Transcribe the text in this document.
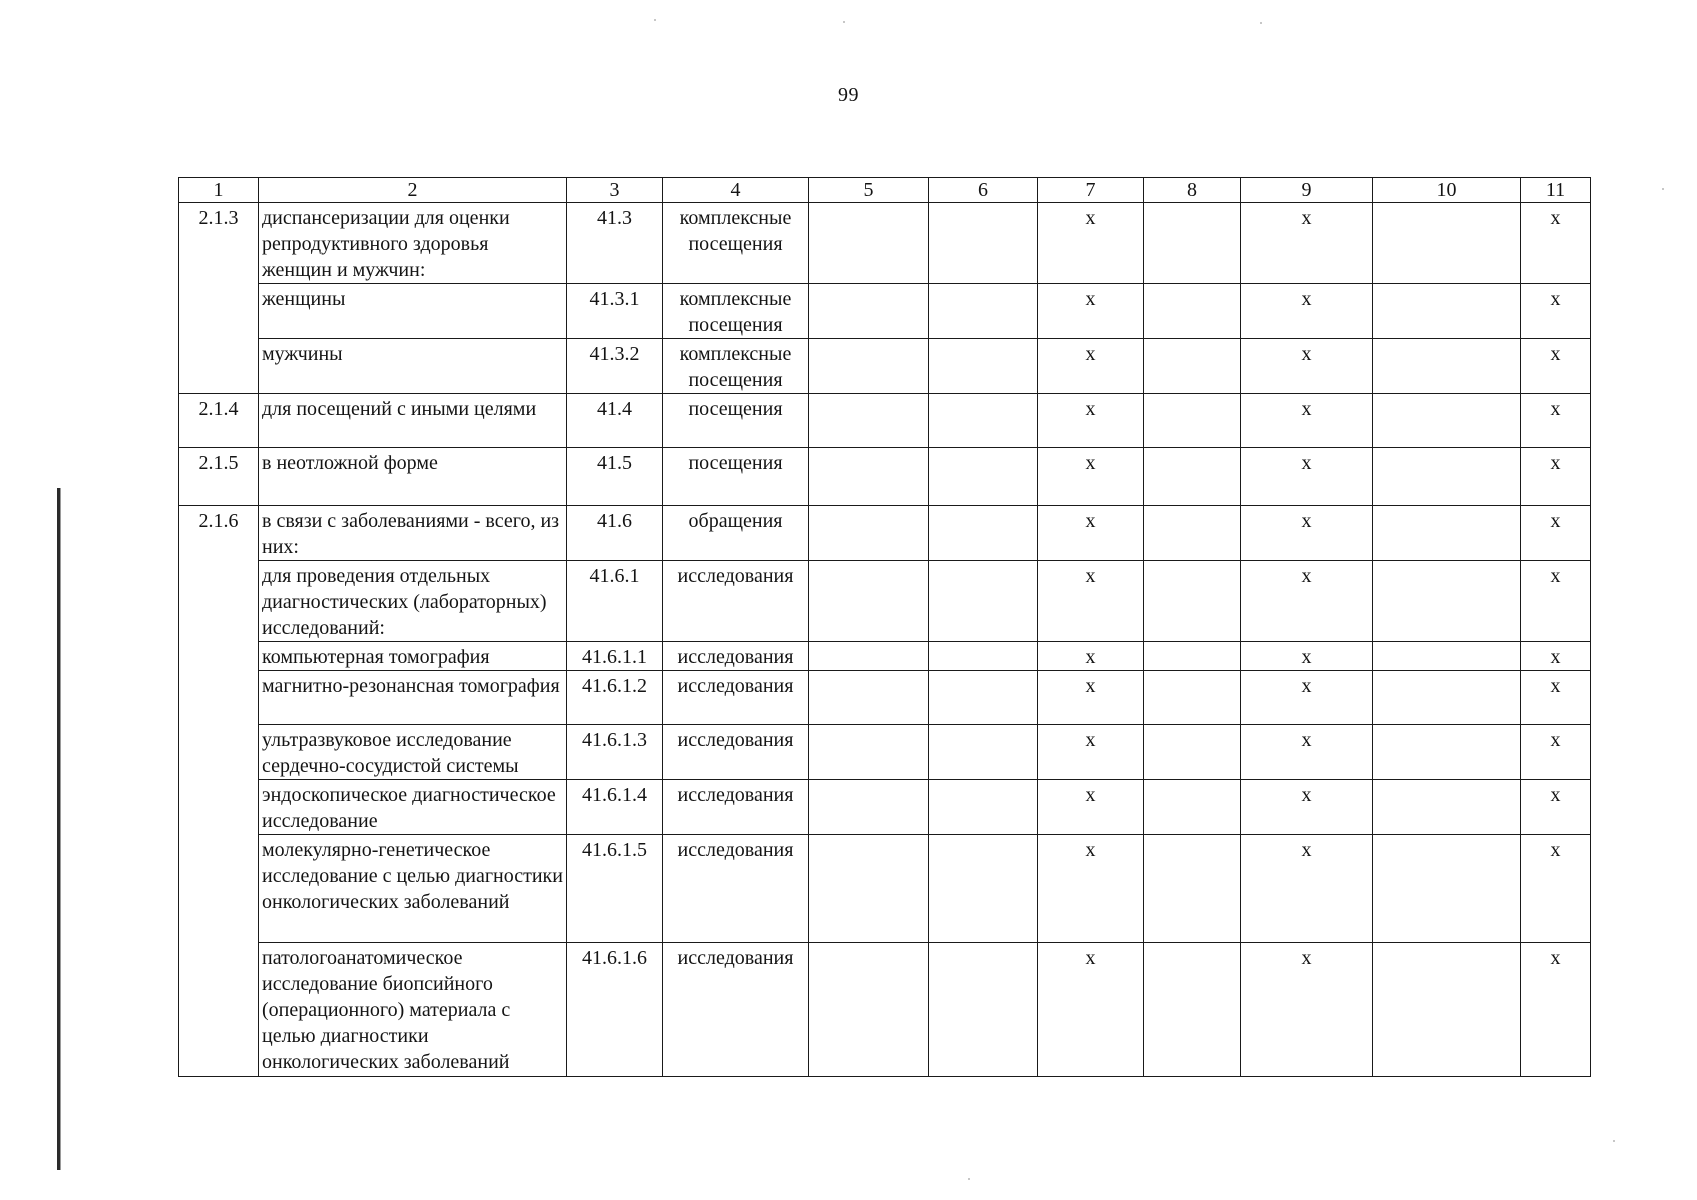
99
1	2	3	4	5	6	7	8	9	10	11
2.1.3	диспансеризации для оценки репродуктивного здоровья женщин и мужчин:	41.3	комплексные посещения			х		х		х
	женщины	41.3.1	комплексные посещения			х		х		х
	мужчины	41.3.2	комплексные посещения			х		х		х
2.1.4	для посещений с иными целями	41.4	посещения			х		х		х
2.1.5	в неотложной форме	41.5	посещения			х		х		х
2.1.6	в связи с заболеваниями - всего, из них:	41.6	обращения			х		х		х
	для проведения отдельных диагностических (лабораторных) исследований:	41.6.1	исследования			х		х		х
	компьютерная томография	41.6.1.1	исследования			х		х		х
	магнитно-резонансная томография	41.6.1.2	исследования			х		х		х
	ультразвуковое исследование сердечно-сосудистой системы	41.6.1.3	исследования			х		х		х
	эндоскопическое диагностическое исследование	41.6.1.4	исследования			х		х		х
	молекулярно-генетическое исследование с целью диагностики онкологических заболеваний	41.6.1.5	исследования			х		х		х
	патологоанатомическое исследование биопсийного (операционного) материала с целью диагностики онкологических заболеваний	41.6.1.6	исследования			х		х		х
